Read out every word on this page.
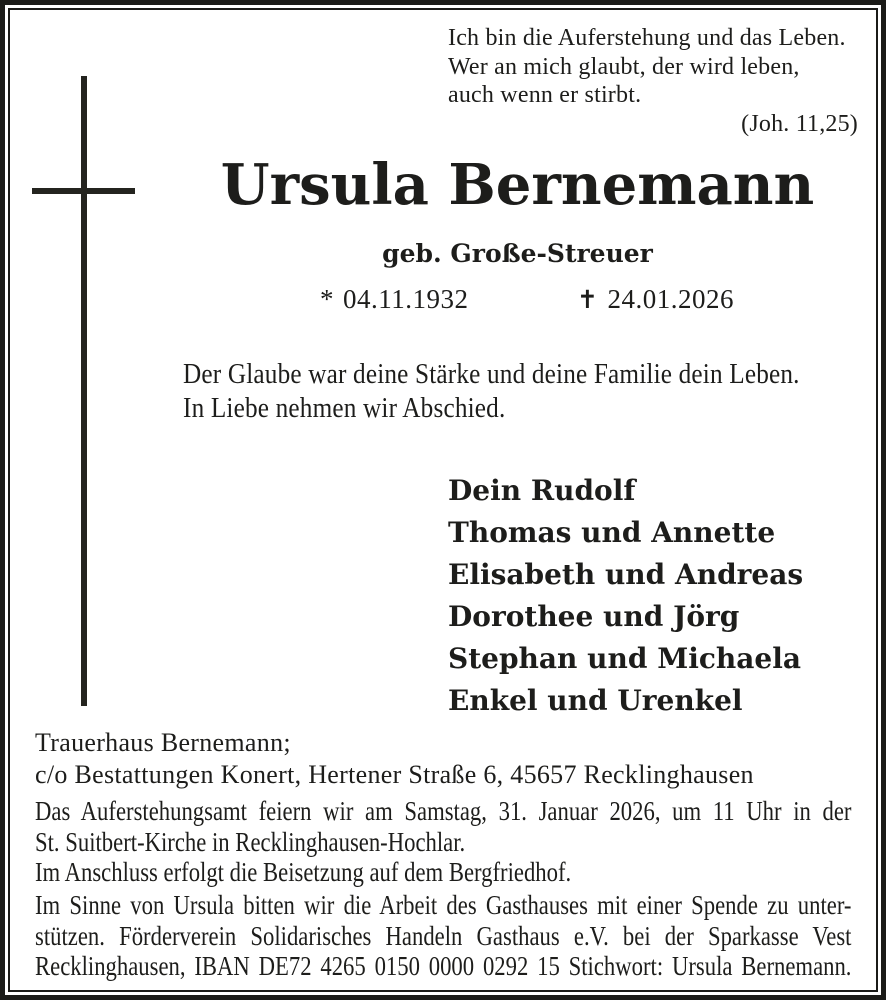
Ich bin die Auferstehung und das Leben.
Wer an mich glaubt, der wird leben,
auch wenn er stirbt.
(Joh. 11,25)
Ursula Bernemann
geb. Große-Streuer
* 04.11.1932	✝ 24.01.2026
Der Glaube war deine Stärke und deine Familie dein Leben.
In Liebe nehmen wir Abschied.
Dein Rudolf
Thomas und Annette
Elisabeth und Andreas
Dorothee und Jörg
Stephan und Michaela
Enkel und Urenkel
Trauerhaus Bernemann;
c/o Bestattungen Konert, Hertener Straße 6, 45657 Recklinghausen
Das Auferstehungsamt feiern wir am Samstag, 31. Januar 2026, um 11 Uhr in der
St. Suitbert-Kirche in Recklinghausen-Hochlar.
Im Anschluss erfolgt die Beisetzung auf dem Bergfriedhof.
Im Sinne von Ursula bitten wir die Arbeit des Gasthauses mit einer Spende zu unter-
stützen. Förderverein Solidarisches Handeln Gasthaus e.V. bei der Sparkasse Vest
Recklinghausen, IBAN DE72 4265 0150 0000 0292 15 Stichwort: Ursula Bernemann.
